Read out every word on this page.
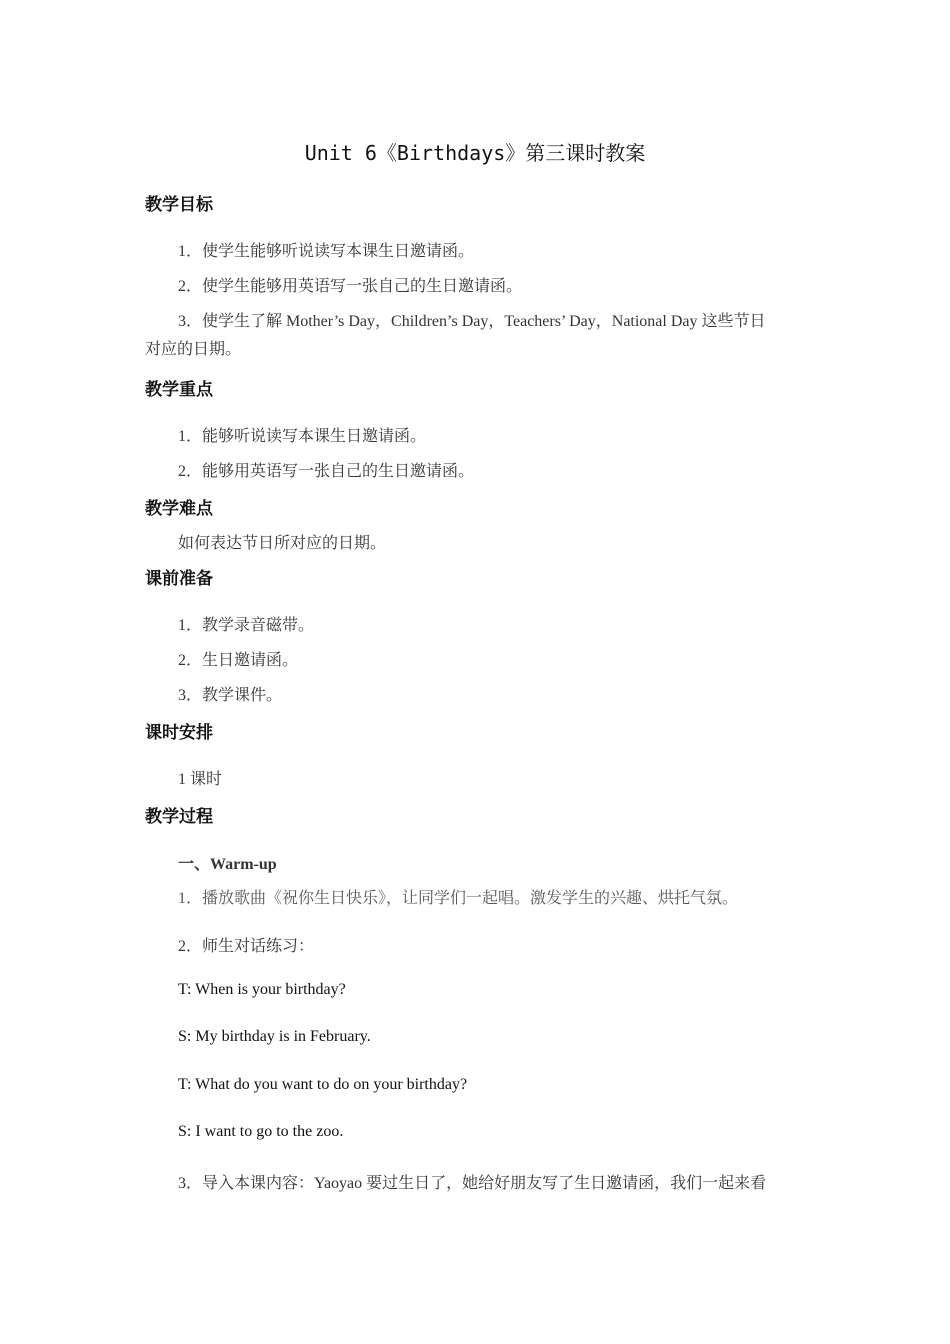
Unit 6《Birthdays》第三课时教案
教学目标
1．使学生能够听说读写本课生日邀请函。
2．使学生能够用英语写一张自己的生日邀请函。
3．使学生了解 Mother’s Day，Children’s Day，Teachers’ Day，National Day 这些节日
对应的日期。
教学重点
1．能够听说读写本课生日邀请函。
2．能够用英语写一张自己的生日邀请函。
教学难点
如何表达节日所对应的日期。
课前准备
1．教学录音磁带。
2．生日邀请函。
3．教学课件。
课时安排
1 课时
教学过程
一、Warm-up
1．播放歌曲《祝你生日快乐》，让同学们一起唱。激发学生的兴趣、烘托气氛。
2．师生对话练习：
T: When is your birthday?
S: My birthday is in February.
T: What do you want to do on your birthday?
S: I want to go to the zoo.
3．导入本课内容：Yaoyao 要过生日了，她给好朋友写了生日邀请函，我们一起来看
